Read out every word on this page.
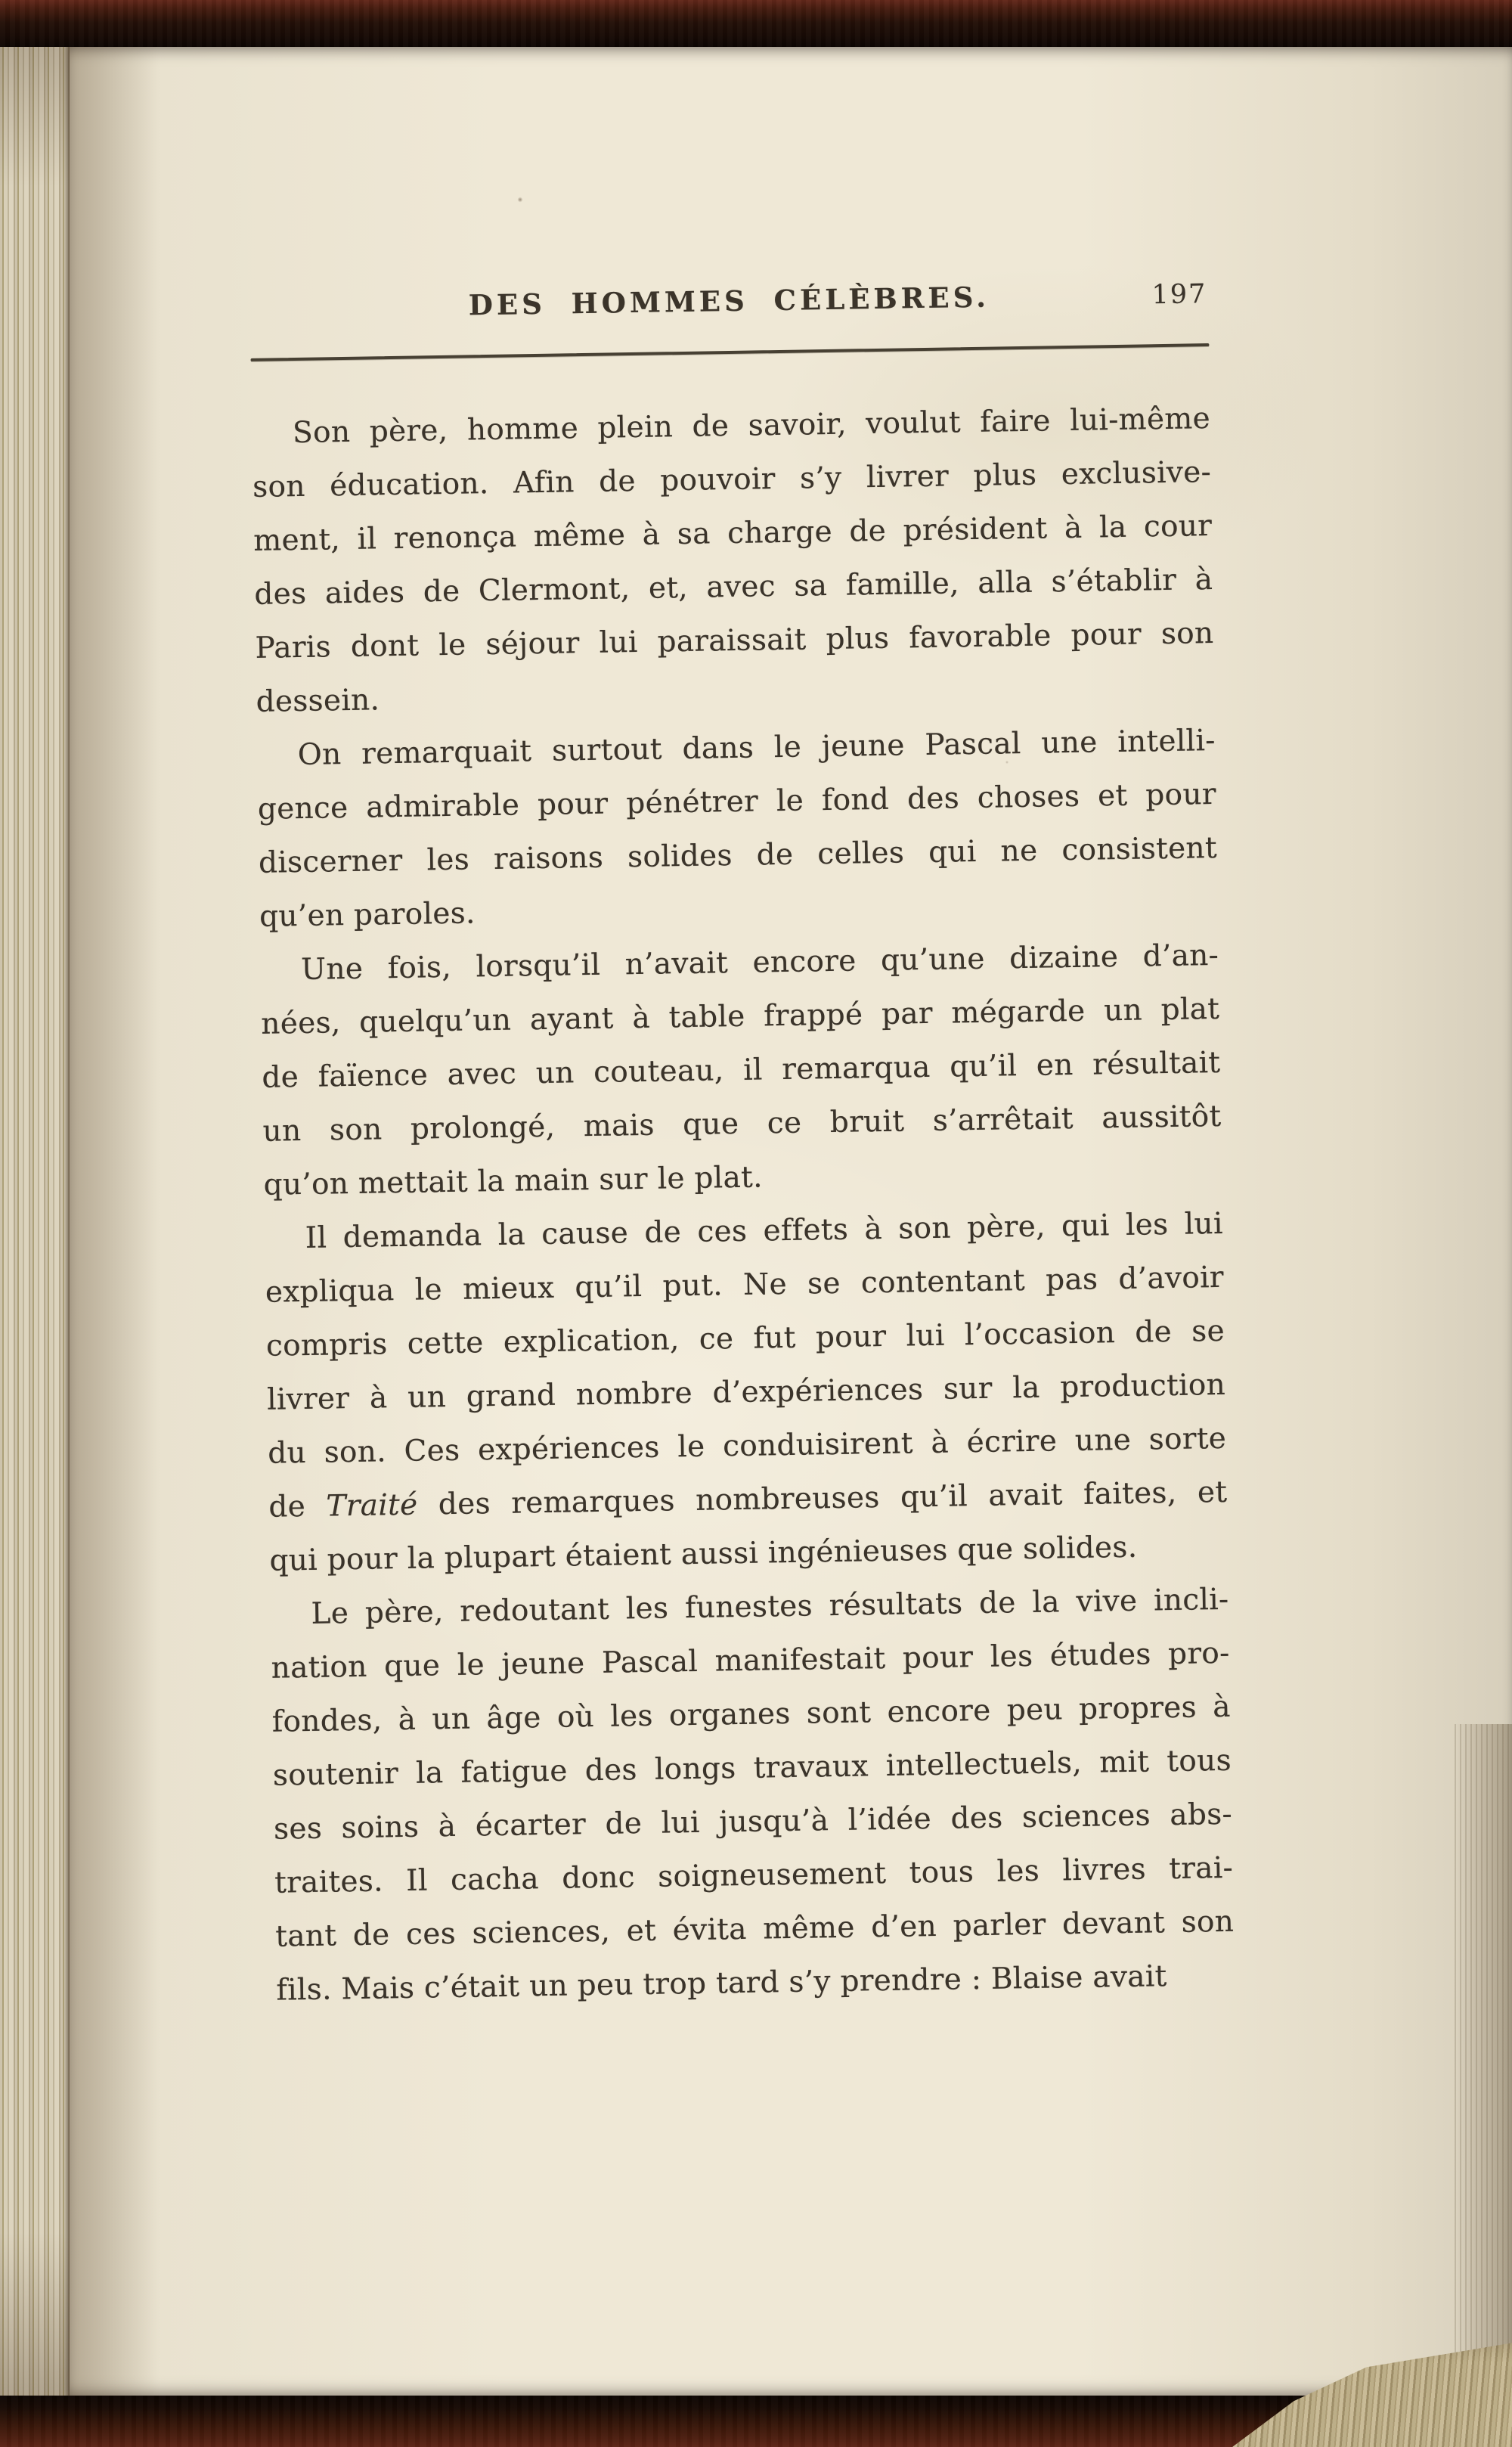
DES HOMMES CÉLÈBRES.	197
Son père, homme plein de savoir, voulut faire lui-même
son éducation. Afin de pouvoir s’y livrer plus exclusive-
ment, il renonça même à sa charge de président à la cour
des aides de Clermont, et, avec sa famille, alla s’établir à
Paris dont le séjour lui paraissait plus favorable pour son
dessein.
On remarquait surtout dans le jeune Pascal une intelli-
gence admirable pour pénétrer le fond des choses et pour
discerner les raisons solides de celles qui ne consistent
qu’en paroles.
Une fois, lorsqu’il n’avait encore qu’une dizaine d’an-
nées, quelqu’un ayant à table frappé par mégarde un plat
de faïence avec un couteau, il remarqua qu’il en résultait
un son prolongé, mais que ce bruit s’arrêtait aussitôt
qu’on mettait la main sur le plat.
Il demanda la cause de ces effets à son père, qui les lui
expliqua le mieux qu’il put. Ne se contentant pas d’avoir
compris cette explication, ce fut pour lui l’occasion de se
livrer à un grand nombre d’expériences sur la production
du son. Ces expériences le conduisirent à écrire une sorte
de Traité des remarques nombreuses qu’il avait faites, et
qui pour la plupart étaient aussi ingénieuses que solides.
Le père, redoutant les funestes résultats de la vive incli-
nation que le jeune Pascal manifestait pour les études pro-
fondes, à un âge où les organes sont encore peu propres à
soutenir la fatigue des longs travaux intellectuels, mit tous
ses soins à écarter de lui jusqu’à l’idée des sciences abs-
traites. Il cacha donc soigneusement tous les livres trai-
tant de ces sciences, et évita même d’en parler devant son
fils. Mais c’était un peu trop tard s’y prendre : Blaise avait
